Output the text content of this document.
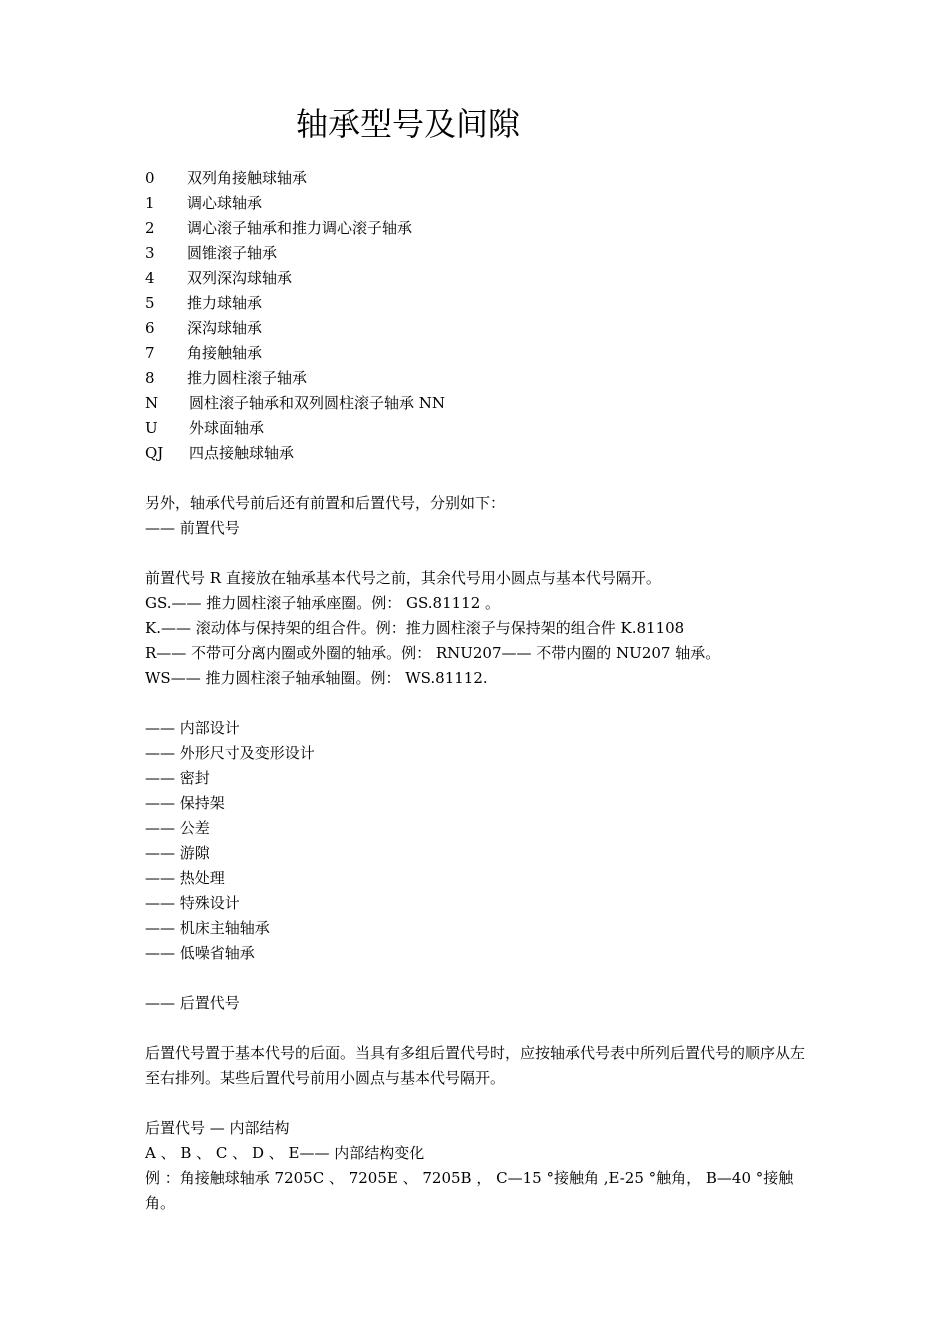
轴承型号及间隙
0	双列角接触球轴承
1	调心球轴承
2	调心滚子轴承和推力调心滚子轴承
3	圆锥滚子轴承
4	双列深沟球轴承
5	推力球轴承
6	深沟球轴承
7	角接触轴承
8	推力圆柱滚子轴承
N	圆柱滚子轴承和双列圆柱滚子轴承 NN
U	外球面轴承
QJ	四点接触球轴承
另外，轴承代号前后还有前置和后置代号，分别如下：
—— 前置代号
前置代号 R 直接放在轴承基本代号之前，其余代号用小圆点与基本代号隔开。
GS.—— 推力圆柱滚子轴承座圈。例： GS.81112 。
K.—— 滚动体与保持架的组合件。例：推力圆柱滚子与保持架的组合件 K.81108
R—— 不带可分离内圈或外圈的轴承。例： RNU207—— 不带内圈的 NU207 轴承。
WS—— 推力圆柱滚子轴承轴圈。例： WS.81112.
—— 内部设计
—— 外形尺寸及变形设计
—— 密封
—— 保持架
—— 公差
—— 游隙
—— 热处理
—— 特殊设计
—— 机床主轴轴承
—— 低噪省轴承
—— 后置代号
后置代号置于基本代号的后面。当具有多组后置代号时，应按轴承代号表中所列后置代号的顺序从左至右排列。某些后置代号前用小圆点与基本代号隔开。
后置代号 — 内部结构
A 、 B 、 C 、 D 、 E—— 内部结构变化
例 ：角接触球轴承 7205C 、 7205E 、 7205B ， C—15 °接触角 ,E-25 °触角， B—40 °接触角。
